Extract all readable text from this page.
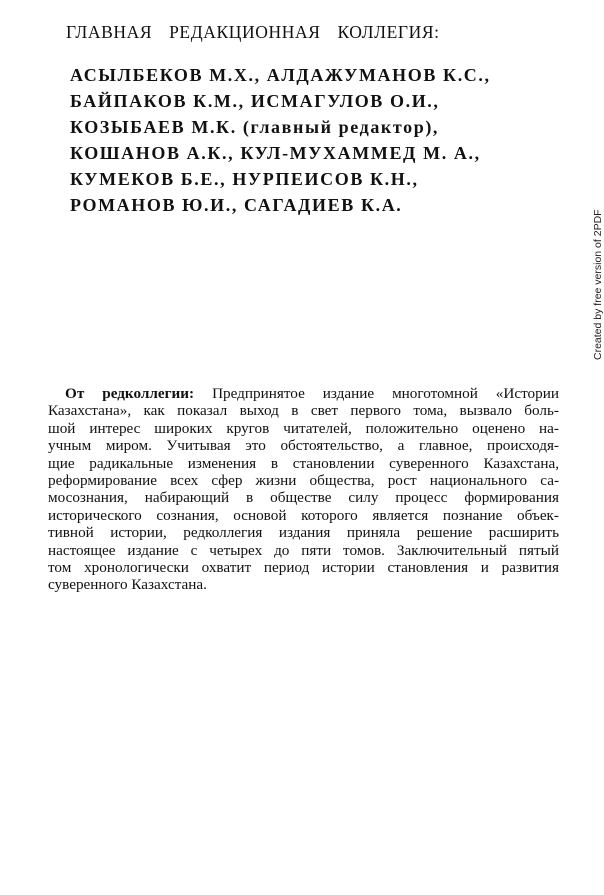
ГЛАВНАЯ РЕДАКЦИОННАЯ КОЛЛЕГИЯ:
АСЫЛБЕКОВ М.Х., АЛДАЖУМАНОВ К.С.,
БАЙПАКОВ К.М., ИСМАГУЛОВ О.И.,
КОЗЫБАЕВ М.К. (главный редактор),
КОШАНОВ А.К., КУЛ-МУХАММЕД М. А.,
КУМЕКОВ Б.Е., НУРПЕИСОВ К.Н.,
РОМАНОВ Ю.И., САГАДИЕВ К.А.
От редколлегии: Предпринятое издание многотомной «Истории
Казахстана», как показал выход в свет первого тома, вызвало боль-
шой интерес широких кругов читателей, положительно оценено на-
учным миром. Учитывая это обстоятельство, а главное, происходя-
щие радикальные изменения в становлении суверенного Казахстана,
реформирование всех сфер жизни общества, рост национального са-
мосознания, набирающий в обществе силу процесс формирования
исторического сознания, основой которого является познание объек-
тивной истории, редколлегия издания приняла решение расширить
настоящее издание с четырех до пяти томов. Заключительный пятый
том хронологически охватит период истории становления и развития
суверенного Казахстана.
Created by free version of 2PDF
